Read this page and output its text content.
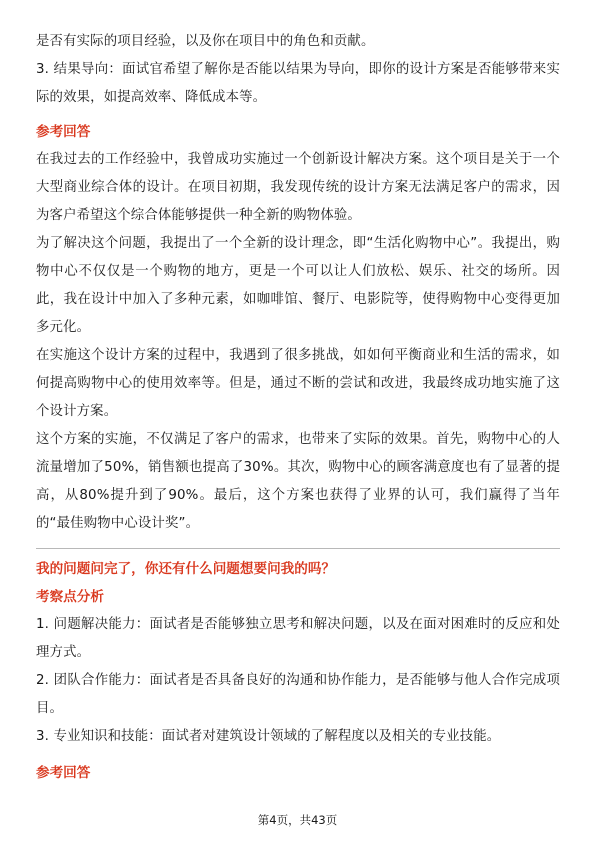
是否有实际的项目经验，以及你在项目中的角色和贡献。

3. 结果导向：面试官希望了解你是否能以结果为导向，即你的设计方案是否能够带来实际的效果，如提高效率、降低成本等。

参考回答

在我过去的工作经验中，我曾成功实施过一个创新设计解决方案。这个项目是关于一个大型商业综合体的设计。在项目初期，我发现传统的设计方案无法满足客户的需求，因为客户希望这个综合体能够提供一种全新的购物体验。

为了解决这个问题，我提出了一个全新的设计理念，即“生活化购物中心”。我提出，购物中心不仅仅是一个购物的地方，更是一个可以让人们放松、娱乐、社交的场所。因此，我在设计中加入了多种元素，如咖啡馆、餐厅、电影院等，使得购物中心变得更加多元化。

在实施这个设计方案的过程中，我遇到了很多挑战，如如何平衡商业和生活的需求，如何提高购物中心的使用效率等。但是，通过不断的尝试和改进，我最终成功地实施了这个设计方案。

这个方案的实施，不仅满足了客户的需求，也带来了实际的效果。首先，购物中心的人流量增加了50%，销售额也提高了30%。其次，购物中心的顾客满意度也有了显著的提高，从80%提升到了90%。最后，这个方案也获得了业界的认可，我们赢得了当年的“最佳购物中心设计奖”。

我的问题问完了，你还有什么问题想要问我的吗？

考察点分析

1. 问题解决能力：面试者是否能够独立思考和解决问题，以及在面对困难时的反应和处理方式。

2. 团队合作能力：面试者是否具备良好的沟通和协作能力，是否能够与他人合作完成项目。

3. 专业知识和技能：面试者对建筑设计领域的了解程度以及相关的专业技能。

参考回答

第4页，共43页
